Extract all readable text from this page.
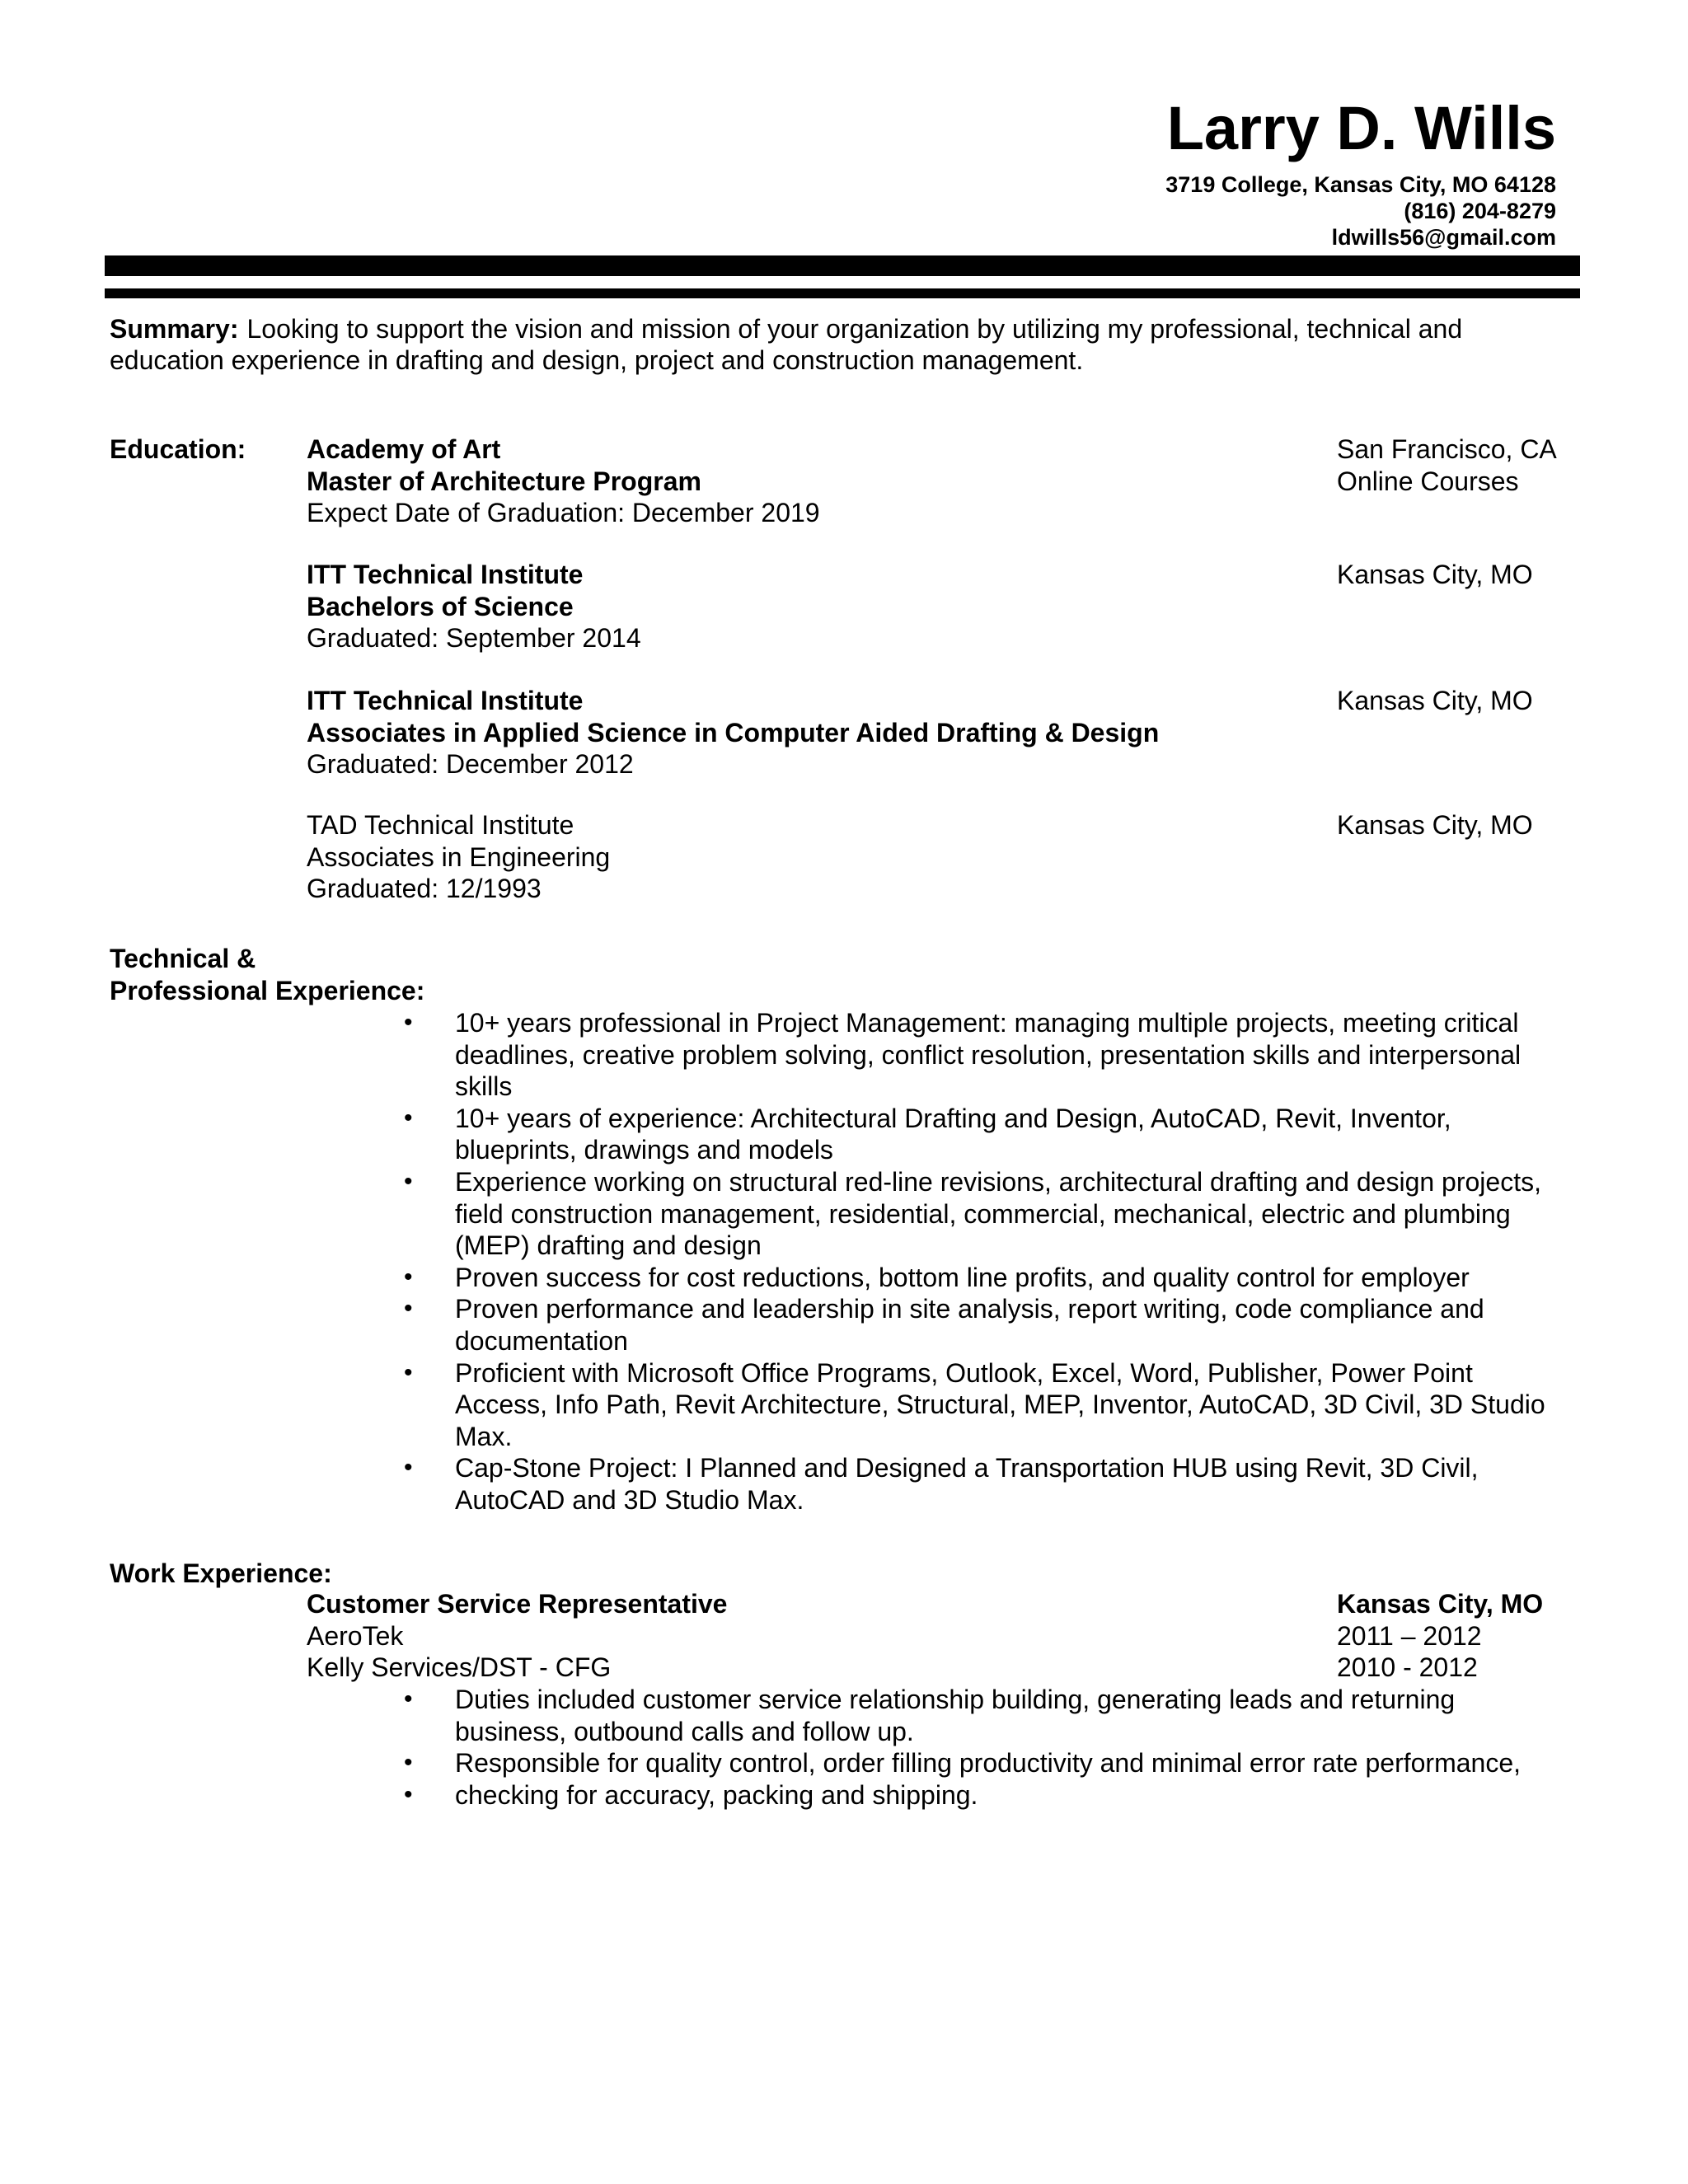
Larry D. Wills
3719 College, Kansas City, MO 64128
(816) 204-8279
ldwills56@gmail.com
Summary: Looking to support the vision and mission of your organization by utilizing my professional, technical and education experience in drafting and design, project and construction management.
Education: Academy of Art	San Francisco, CA
Master of Architecture Program	Online Courses
Expect Date of Graduation: December 2019
ITT Technical Institute	Kansas City, MO
Bachelors of Science
Graduated: September 2014
ITT Technical Institute	Kansas City, MO
Associates in Applied Science in Computer Aided Drafting & Design
Graduated: December 2012
TAD Technical Institute	Kansas City, MO
Associates in Engineering
Graduated: 12/1993
Technical &
Professional Experience:
• 10+ years professional in Project Management: managing multiple projects, meeting critical deadlines, creative problem solving, conflict resolution, presentation skills and interpersonal skills
• 10+ years of experience: Architectural Drafting and Design, AutoCAD, Revit, Inventor, blueprints, drawings and models
• Experience working on structural red-line revisions, architectural drafting and design projects, field construction management, residential, commercial, mechanical, electric and plumbing (MEP) drafting and design
• Proven success for cost reductions, bottom line profits, and quality control for employer
• Proven performance and leadership in site analysis, report writing, code compliance and documentation
• Proficient with Microsoft Office Programs, Outlook, Excel, Word, Publisher, Power Point Access, Info Path, Revit Architecture, Structural, MEP, Inventor, AutoCAD, 3D Civil, 3D Studio Max.
• Cap-Stone Project: I Planned and Designed a Transportation HUB using Revit, 3D Civil, AutoCAD and 3D Studio Max.
Work Experience:
Customer Service Representative	Kansas City, MO
AeroTek	2011 – 2012
Kelly Services/DST - CFG	2010 - 2012
• Duties included customer service relationship building, generating leads and returning business, outbound calls and follow up.
• Responsible for quality control, order filling productivity and minimal error rate performance,
• checking for accuracy, packing and shipping.
